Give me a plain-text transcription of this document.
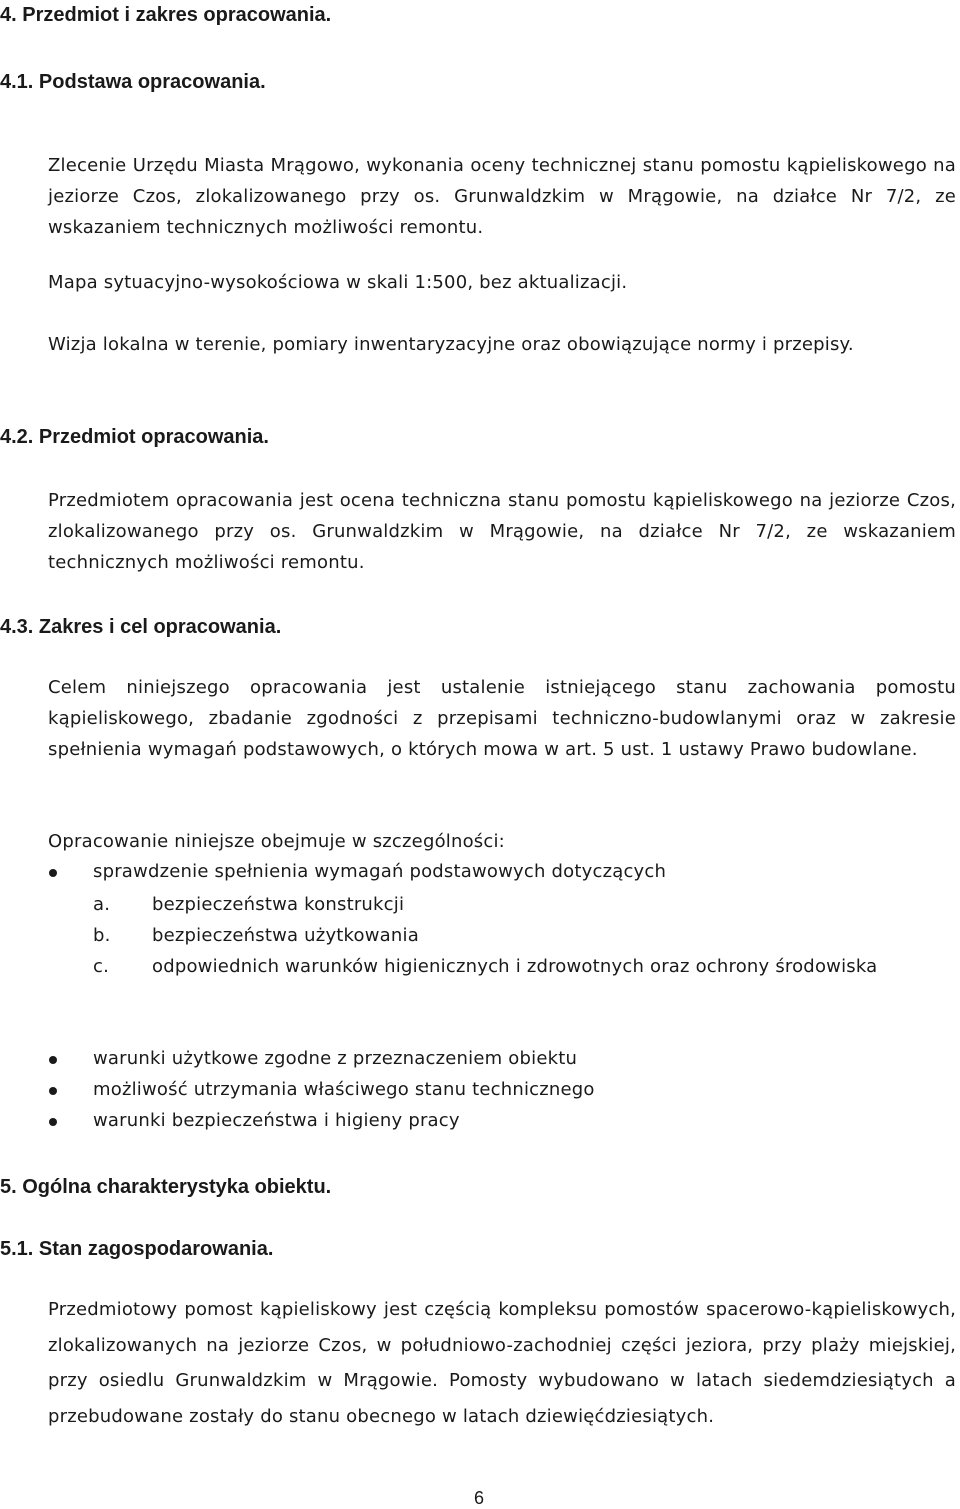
4. Przedmiot i zakres opracowania.
4.1. Podstawa opracowania.
Zlecenie Urzędu Miasta Mrągowo, wykonania oceny technicznej stanu pomostu kąpieliskowego na jeziorze Czos, zlokalizowanego przy os. Grunwaldzkim w Mrągowie, na działce Nr 7/2, ze wskazaniem technicznych możliwości remontu.
Mapa sytuacyjno-wysokościowa w skali 1:500, bez aktualizacji.
Wizja lokalna w terenie, pomiary inwentaryzacyjne oraz obowiązujące normy i przepisy.
4.2. Przedmiot opracowania.
Przedmiotem opracowania jest ocena techniczna stanu pomostu kąpieliskowego na jeziorze Czos, zlokalizowanego przy os. Grunwaldzkim w Mrągowie, na działce Nr 7/2, ze wskazaniem technicznych możliwości remontu.
4.3. Zakres i cel opracowania.
Celem niniejszego opracowania jest ustalenie istniejącego stanu zachowania pomostu kąpieliskowego, zbadanie zgodności z przepisami techniczno-budowlanymi oraz w zakresie spełnienia wymagań podstawowych, o których mowa w art. 5 ust. 1 ustawy Prawo budowlane.
Opracowanie niniejsze obejmuje w szczególności:
sprawdzenie spełnienia wymagań podstawowych dotyczących
a. bezpieczeństwa konstrukcji
b. bezpieczeństwa użytkowania
c. odpowiednich warunków higienicznych i zdrowotnych oraz ochrony środowiska
warunki użytkowe zgodne z przeznaczeniem obiektu
możliwość utrzymania właściwego stanu technicznego
warunki bezpieczeństwa i higieny pracy
5. Ogólna charakterystyka obiektu.
5.1. Stan zagospodarowania.
Przedmiotowy pomost kąpieliskowy jest częścią kompleksu pomostów spacerowo-kąpieliskowych, zlokalizowanych na jeziorze Czos, w południowo-zachodniej części jeziora, przy plaży miejskiej, przy osiedlu Grunwaldzkim w Mrągowie. Pomosty wybudowano w latach siedemdziesiątych a przebudowane zostały do stanu obecnego w latach dziewięćdziesiątych.
6
